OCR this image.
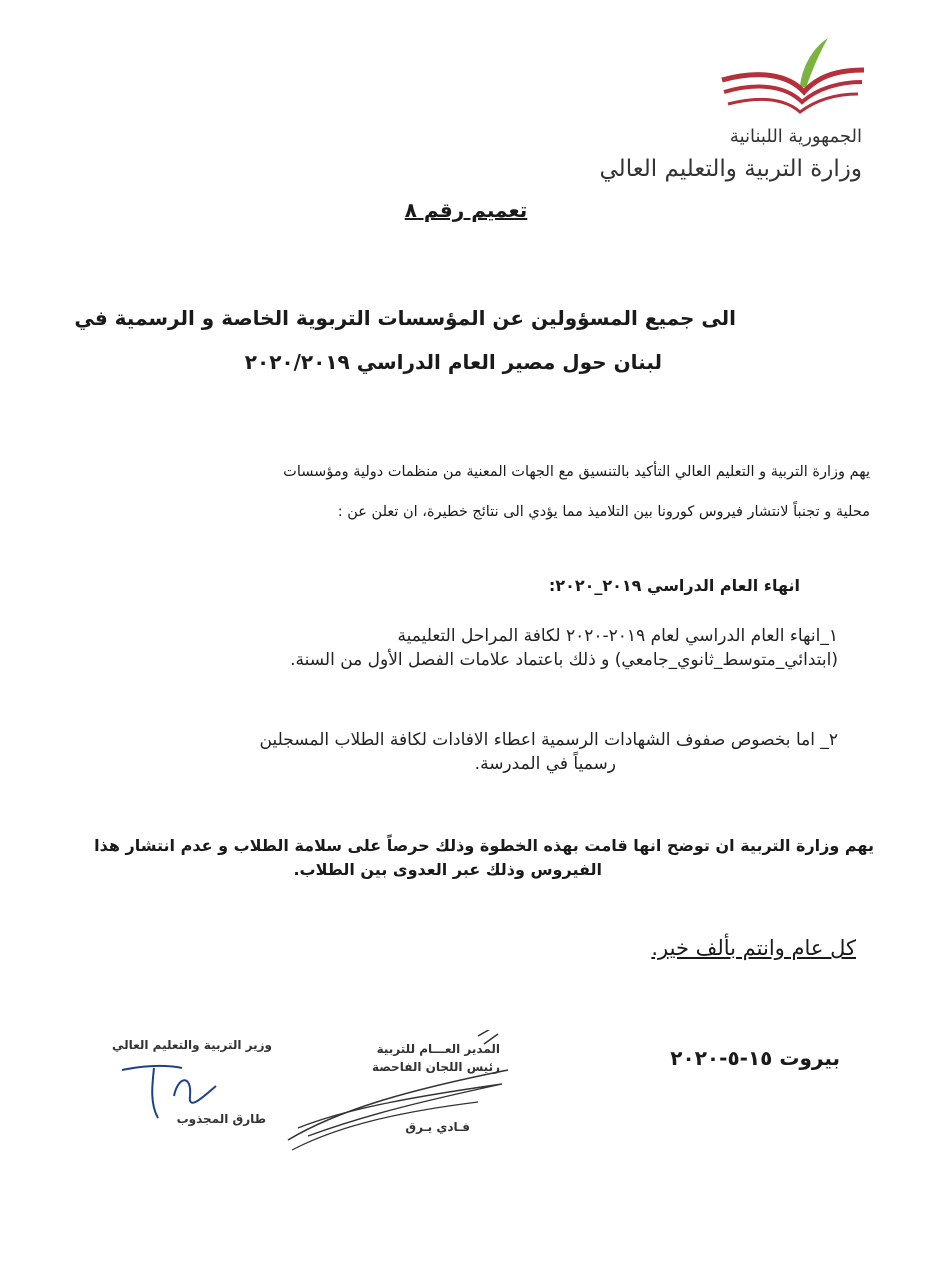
الجمهورية اللبنانية
وزارة التربية والتعليم العالي
تعميم رقم ٨
الى جميع المسؤولين عن المؤسسات التربوية الخاصة و الرسمية في
لبنان حول مصير العام الدراسي ٢٠٢٠/٢٠١٩
يهم وزارة التربية و التعليم العالي التأكيد بالتنسيق مع الجهات المعنية من منظمات دولية ومؤسسات
محلية و تجنباً لانتشار فيروس كورونا بين التلاميذ مما يؤدي الى نتائج خطيرة، ان تعلن عن :
انهاء العام الدراسي ٢٠١٩_٢٠٢٠:
١_انهاء العام الدراسي لعام ٢٠١٩-٢٠٢٠ لكافة المراحل التعليمية
(ابتدائي_متوسط_ثانوي_جامعي) و ذلك باعتماد علامات الفصل الأول من السنة.
٢_ اما بخصوص صفوف الشهادات الرسمية اعطاء الافادات لكافة الطلاب المسجلين
رسمياً في المدرسة.
يهم وزارة التربية ان توضح انها قامت بهذه الخطوة وذلك حرصاً على سلامة الطلاب و عدم انتشار هذا
الفيروس وذلك عبر العدوى بين الطلاب.
كل عام وانتم بألف خير.
بيروت ١٥-٥-٢٠٢٠
المدير العـــام للتربية
رئيس اللجان الفاحصة
فـادي يـرق
وزير التربية والتعليم العالي
طارق المجذوب
